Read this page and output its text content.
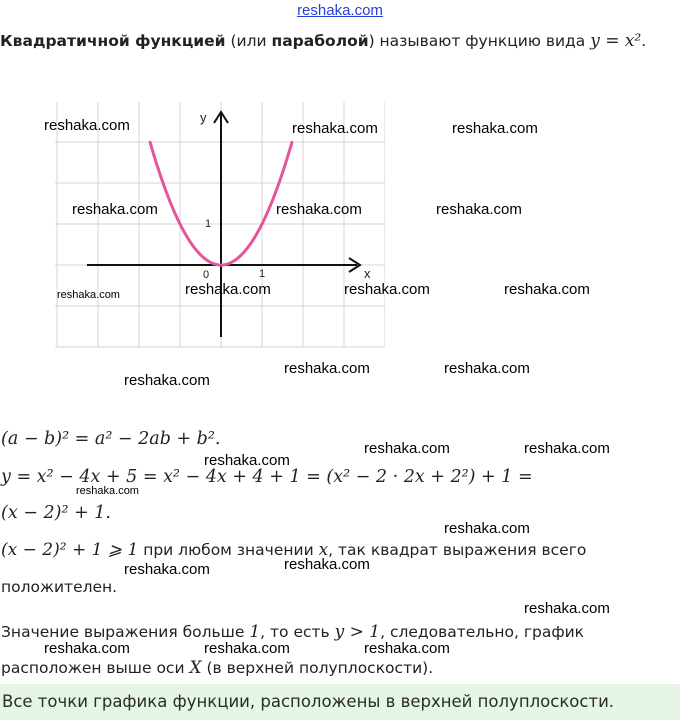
reshaka.com
Квадратичной функцией (или параболой) называют функцию вида y = x².
y
x
0	1
1
reshaka.com	reshaka.com	reshaka.com
reshaka.com	reshaka.com	reshaka.com
reshaka.com	reshaka.com	reshaka.com
reshaka.com
reshaka.com
reshaka.com	reshaka.com
reshaka.com	reshaka.com
reshaka.com
reshaka.com
reshaka.com
reshaka.com	reshaka.com
reshaka.com
reshaka.com	reshaka.com	reshaka.com
(a − b)² = a² − 2ab + b².
y = x² − 4x + 5 = x² − 4x + 4 + 1 = (x² − 2 · 2x + 2²) + 1 =
(x − 2)² + 1.
(x − 2)² + 1 ⩾ 1 при любом значении x, так квадрат выражения всего
положителен.
Значение выражения больше 1, то есть y > 1, следовательно, график
расположен выше оси X (в верхней полуплоскости).
Все точки графика функции, расположены в верхней полуплоскости.
